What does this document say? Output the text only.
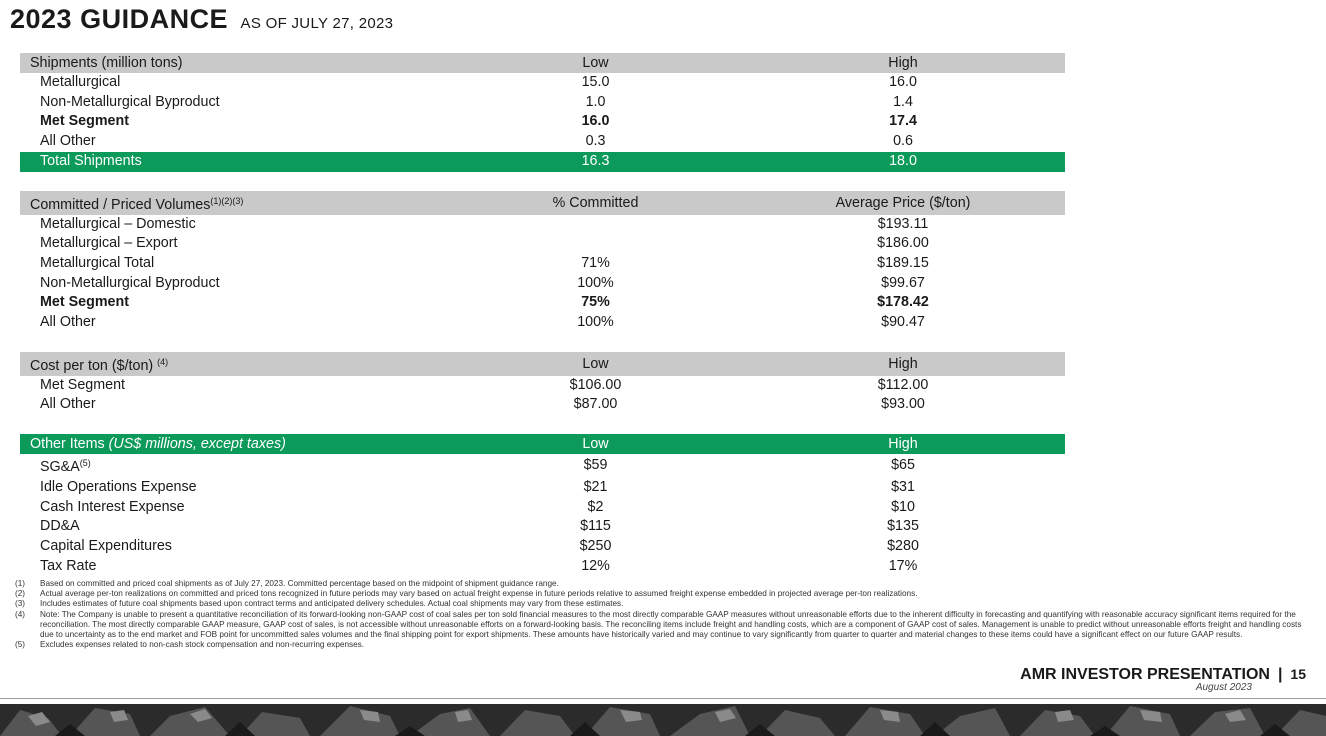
2023 GUIDANCE AS OF JULY 27, 2023
Shipments (million tons)	Low	High
Metallurgical	15.0	16.0
Non-Metallurgical Byproduct	1.0	1.4
Met Segment	16.0	17.4
All Other	0.3	0.6
Total Shipments	16.3	18.0
Committed / Priced Volumes$^{(1)(2)(3)}$	% Committed	Average Price ($/ton)
Metallurgical – Domestic		$193.11
Metallurgical – Export		$186.00
Metallurgical Total	71%	$189.15
Non-Metallurgical Byproduct	100%	$99.67
Met Segment	75%	$178.42
All Other	100%	$90.47
Cost per ton ($/ton) $^{(4)}$	Low	High
Met Segment	$106.00	$112.00
All Other	$87.00	$93.00
Other Items (US$ millions, except taxes)	Low	High
SG&A$^{(5)}$	$59	$65
Idle Operations Expense	$21	$31
Cash Interest Expense	$2	$10
DD&A	$115	$135
Capital Expenditures	$250	$280
Tax Rate	12%	17%
(1)	Based on committed and priced coal shipments as of July 27, 2023. Committed percentage based on the midpoint of shipment guidance range.
(2)	Actual average per-ton realizations on committed and priced tons recognized in future periods may vary based on actual freight expense in future periods relative to assumed freight expense embedded in projected average per-ton realizations.
(3)	Includes estimates of future coal shipments based upon contract terms and anticipated delivery schedules. Actual coal shipments may vary from these estimates.
(4)	Note: The Company is unable to present a quantitative reconciliation of its forward-looking non-GAAP cost of coal sales per ton sold financial measures to the most directly comparable GAAP measures without unreasonable efforts due to the inherent difficulty in forecasting and quantifying with reasonable accuracy significant items required for the reconciliation. The most directly comparable GAAP measure, GAAP cost of sales, is not accessible without unreasonable efforts on a forward-looking basis. The reconciling items include freight and handling costs, which are a component of GAAP cost of sales. Management is unable to predict without unreasonable efforts freight and handling costs due to uncertainty as to the end market and FOB point for uncommitted sales volumes and the final shipping point for export shipments. These amounts have historically varied and may continue to vary significantly from quarter to quarter and material changes to these items could have a significant effect on our future GAAP results.
(5)	Excludes expenses related to non-cash stock compensation and non-recurring expenses.
AMR INVESTOR PRESENTATION | 15
August 2023
